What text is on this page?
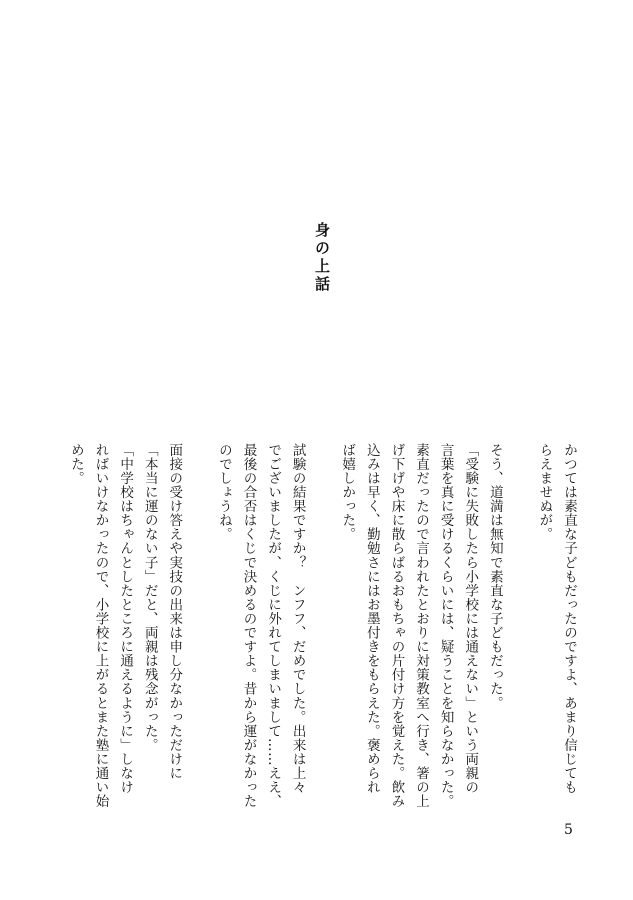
身の上話
かつては素直な子どもだったのですよ、あまり信じても
らえませぬが。
そう、道満は無知で素直な子どもだった。
「受験に失敗したら小学校には通えない」という両親の
言葉を真に受けるくらいには、疑うことを知らなかった。
素直だったので言われたとおりに対策教室へ行き、箸の上
げ下げや床に散らばるおもちゃの片付け方を覚えた。飲み
込みは早く、勤勉さにはお墨付きをもらえた。褒められ
ば嬉しかった。
試験の結果ですか？　ンフフ、だめでした。出来は上々
でございましたが、くじに外れてしまいまして……ええ、
最後の合否はくじで決めるのですよ。昔から運がなかった
のでしょうね。
面接の受け答えや実技の出来は申し分なかっただけに
「本当に運のない子」だと、両親は残念がった。
「中学校はちゃんとしたところに通えるように」しなけ
ればいけなかったので、小学校に上がるとまた塾に通い始
めた。
5
